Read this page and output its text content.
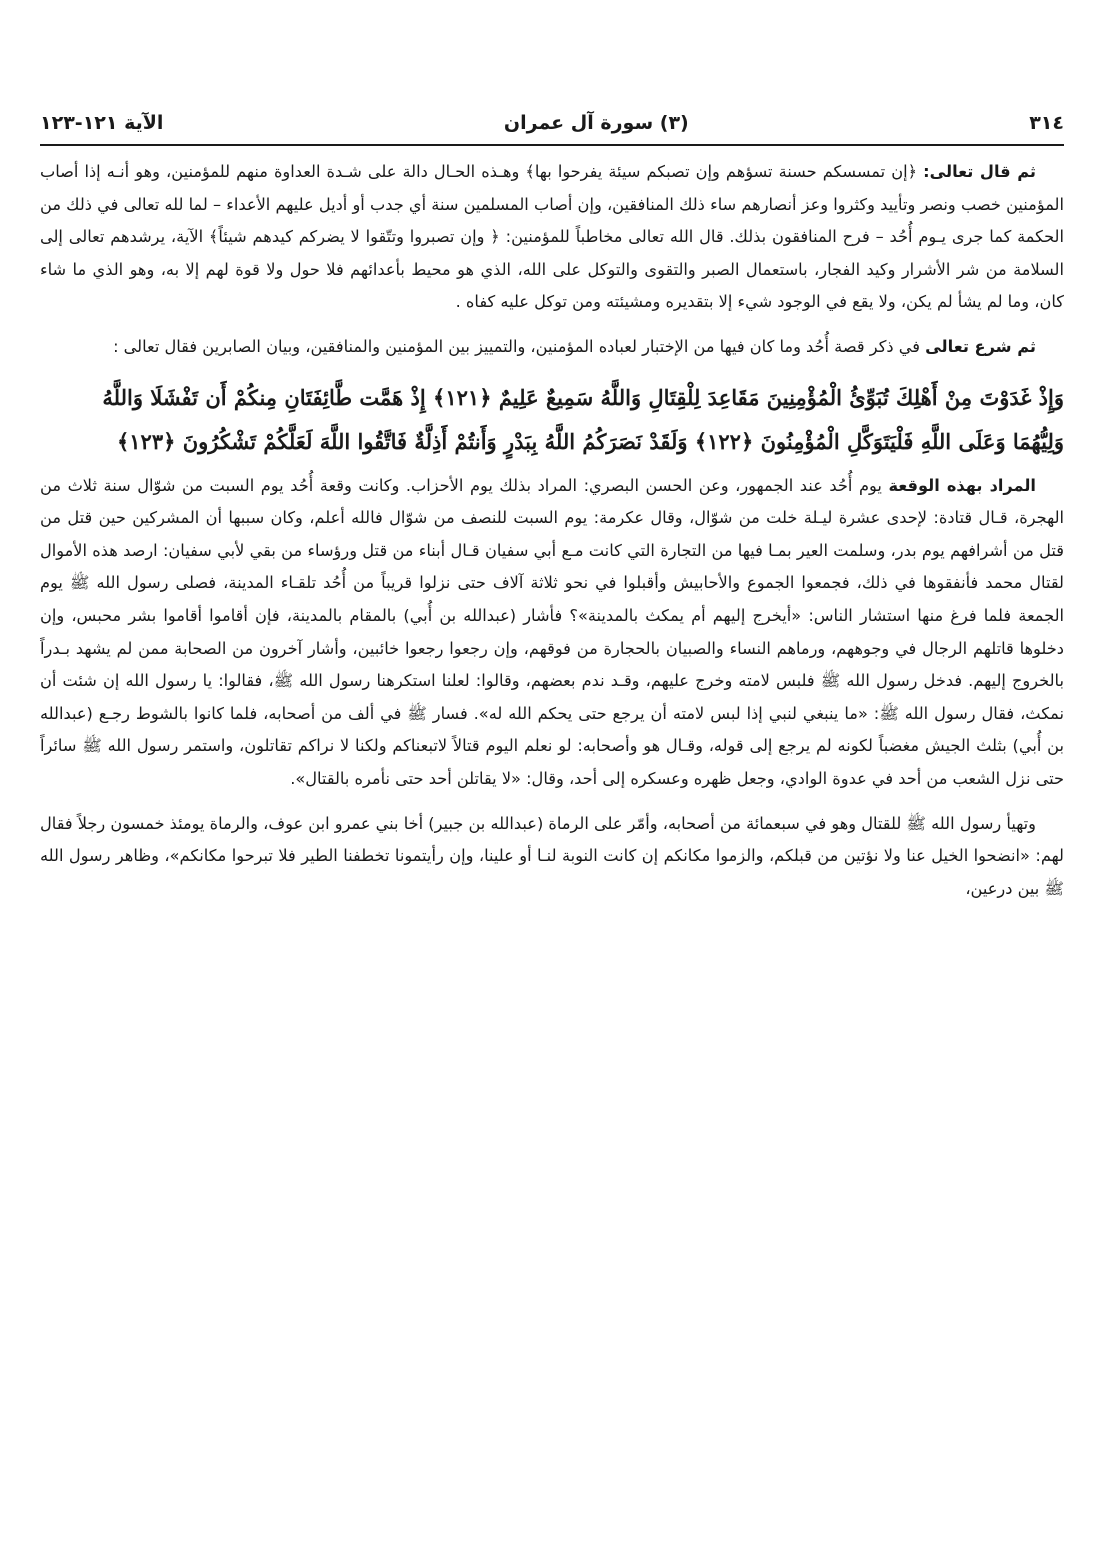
٣١٤
(٣) سورة آل عمران
الآية ١٢١-١٢٣

ثم قال تعالى: ﴿إن تمسسكم حسنة تسؤهم وإن تصبكم سيئة يفرحوا بها﴾ وهـذه الحـال دالة على شـدة العداوة منهم للمؤمنين، وهو أنـه إذا أصاب المؤمنين خصب ونصر وتأييد وكثروا وعز أنصارهم ساء ذلك المنافقين، وإن أصاب المسلمين سنة أي جدب أو أديل عليهم الأعداء – لما لله تعالى في ذلك من الحكمة كما جرى يـوم أُحُد – فرح المنافقون بذلك. قال الله تعالى مخاطباً للمؤمنين: ﴿ وإن تصبروا وتتّقوا لا يضركم كيدهم شيئاً﴾ الآية، يرشدهم تعالى إلى السلامة من شر الأشرار وكيد الفجار، باستعمال الصبر والتقوى والتوكل على الله، الذي هو محيط بأعدائهم فلا حول ولا قوة لهم إلا به، وهو الذي ما شاء كان، وما لم يشأ لم يكن، ولا يقع في الوجود شيء إلا بتقديره ومشيئته ومن توكل عليه كفاه .

ثم شرع تعالى في ذكر قصة أُحُد وما كان فيها من الإختبار لعباده المؤمنين، والتمييز بين المؤمنين والمنافقين، وبيان الصابرين فقال تعالى :

وَإِذْ غَدَوْتَ مِنْ أَهْلِكَ تُبَوِّئُ الْمُؤْمِنِينَ مَقَاعِدَ لِلْقِتَالِ وَاللَّهُ سَمِيعٌ عَلِيمٌ ﴿١٢١﴾ إِذْ هَمَّت طَّائِفَتَانِ مِنكُمْ أَن تَفْشَلَا وَاللَّهُ
وَلِيُّهُمَا وَعَلَى اللَّهِ فَلْيَتَوَكَّلِ الْمُؤْمِنُونَ ﴿١٢٢﴾ وَلَقَدْ نَصَرَكُمُ اللَّهُ بِبَدْرٍ وَأَنتُمْ أَذِلَّةٌ فَاتَّقُوا اللَّهَ لَعَلَّكُمْ تَشْكُرُونَ ﴿١٢٣﴾

المراد بهذه الوقعة يوم أُحُد عند الجمهور، وعن الحسن البصري: المراد بذلك يوم الأحزاب. وكانت وقعة أُحُد يوم السبت من شوّال سنة ثلاث من الهجرة، قـال قتادة: لإحدى عشرة ليـلة خلت من شوّال، وقال عكرمة: يوم السبت للنصف من شوّال فالله أعلم، وكان سببها أن المشركين حين قتل من قتل من أشرافهم يوم بدر، وسلمت العير بمـا فيها من التجارة التي كانت مـع أبي سفيان قـال أبناء من قتل ورؤساء من بقي لأبي سفيان: ارصد هذه الأموال لقتال محمد فأنفقوها في ذلك، فجمعوا الجموع والأحابيش وأقبلوا في نحو ثلاثة آلاف حتى نزلوا قريباً من أُحُد تلقـاء المدينة، فصلى رسول الله ﷺ يوم الجمعة فلما فرغ منها استشار الناس: «أيخرج إليهم أم يمكث بالمدينة»؟ فأشار (عبدالله بن أُبي) بالمقام بالمدينة، فإن أقاموا أقاموا بشر محبس، وإن دخلوها قاتلهم الرجال في وجوههم، ورماهم النساء والصبيان بالحجارة من فوقهم، وإن رجعوا رجعوا خائبين، وأشار آخرون من الصحابة ممن لم يشهد بـدراً بالخروج إليهم. فدخل رسول الله ﷺ فلبس لامته وخرج عليهم، وقـد ندم بعضهم، وقالوا: لعلنا استكرهنا رسول الله ﷺ، فقالوا: يا رسول الله إن شئت أن نمكث، فقال رسول الله ﷺ: «ما ينبغي لنبي إذا لبس لامته أن يرجع حتى يحكم الله له». فسار ﷺ في ألف من أصحابه، فلما كانوا بالشوط رجـع (عبدالله بن أُبي) بثلث الجيش مغضباً لكونه لم يرجع إلى قوله، وقـال هو وأصحابه: لو نعلم اليوم قتالاً لاتبعناكم ولكنا لا نراكم تقاتلون، واستمر رسول الله ﷺ سائراً حتى نزل الشعب من أحد في عدوة الوادي، وجعل ظهره وعسكره إلى أحد، وقال: «لا يقاتلن أحد حتى نأمره بالقتال».

وتهيأ رسول الله ﷺ للقتال وهو في سبعمائة من أصحابه، وأمّر على الرماة (عبدالله بن جبير) أخا بني عمرو ابن عوف، والرماة يومئذ خمسون رجلاً فقال لهم: «انضحوا الخيل عنا ولا نؤتين من قبلكم، والزموا مكانكم إن كانت النوبة لنـا أو علينا، وإن رأيتمونا تخطفنا الطير فلا تبرحوا مكانكم»، وظاهر رسول الله ﷺ بين درعين،
